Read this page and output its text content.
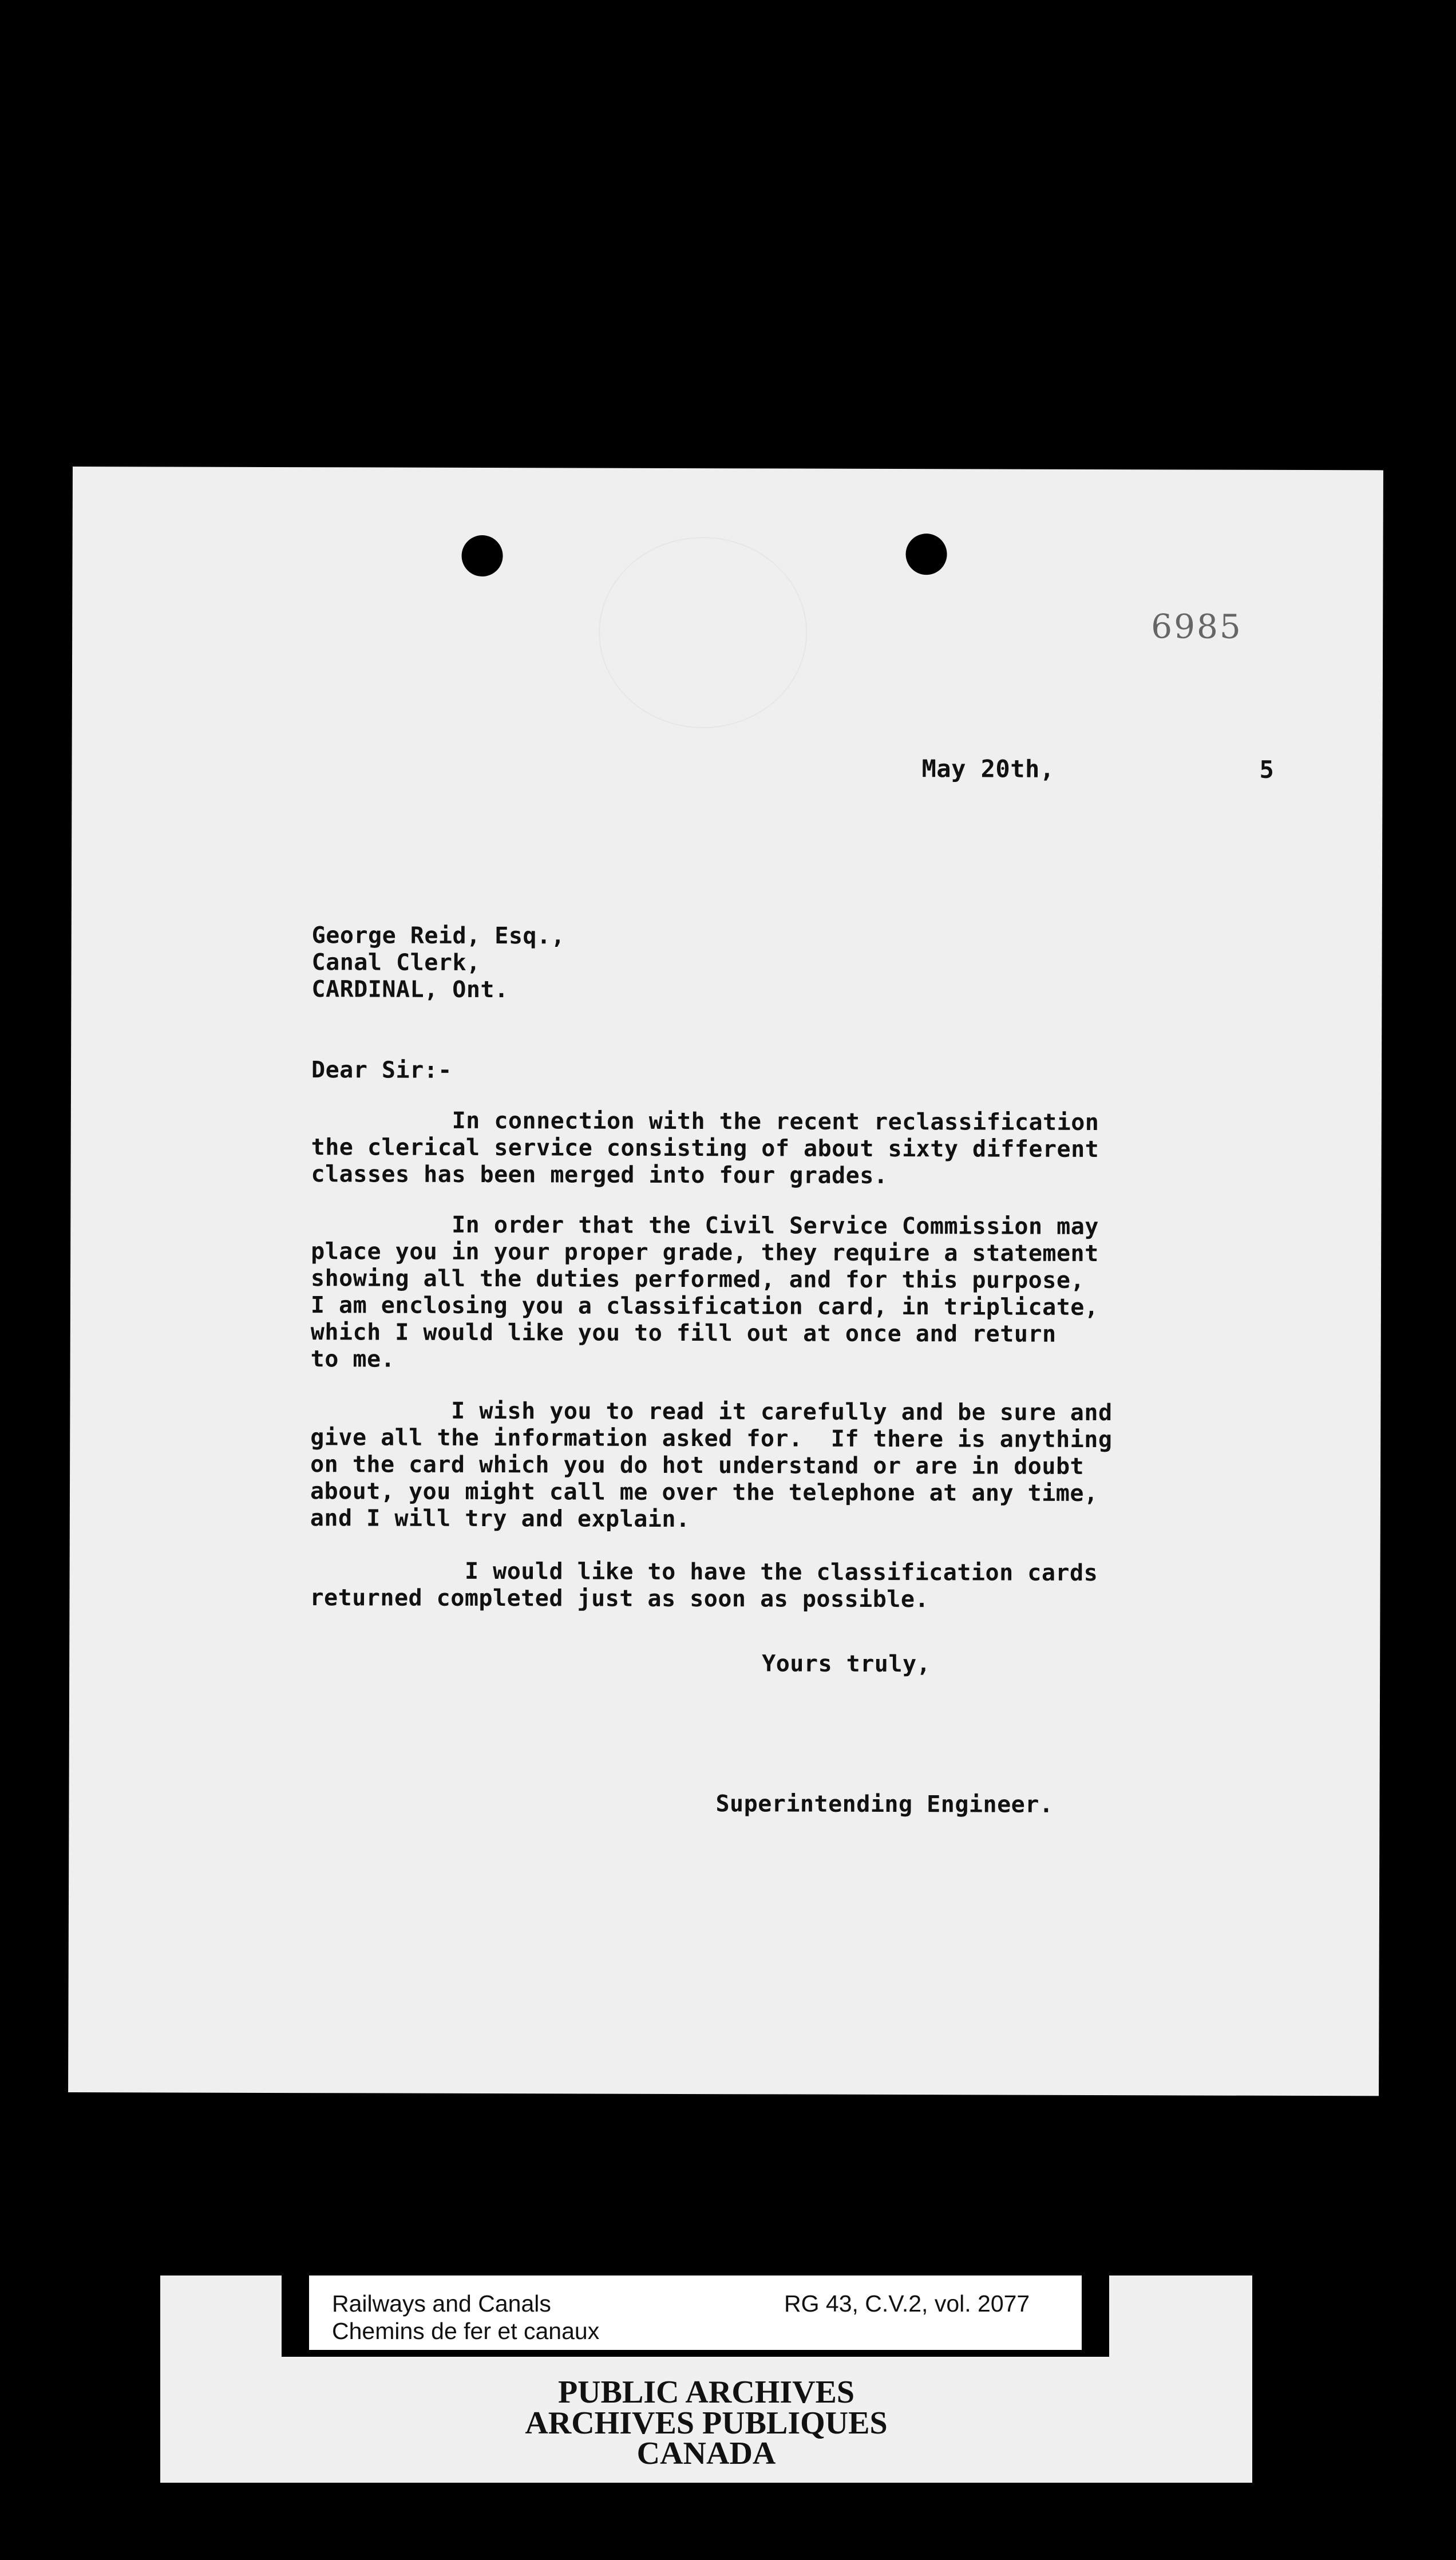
6985
May 20th,	5
George Reid, Esq.,
Canal Clerk,
CARDINAL, Ont.
Dear Sir:-
In connection with the recent reclassification
the clerical service consisting of about sixty different
classes has been merged into four grades.
In order that the Civil Service Commission may
place you in your proper grade, they require a statement
showing all the duties performed, and for this purpose,
I am enclosing you a classification card, in triplicate,
which I would like you to fill out at once and return
to me.
I wish you to read it carefully and be sure and
give all the information asked for.  If there is anything
on the card which you do hot understand or are in doubt
about, you might call me over the telephone at any time,
and I will try and explain.
I would like to have the classification cards
returned completed just as soon as possible.
Yours truly,
Superintending Engineer.
Railways and Canals
Chemins de fer et canaux
RG 43, C.V.2, vol. 2077
PUBLIC ARCHIVES
ARCHIVES PUBLIQUES
CANADA
